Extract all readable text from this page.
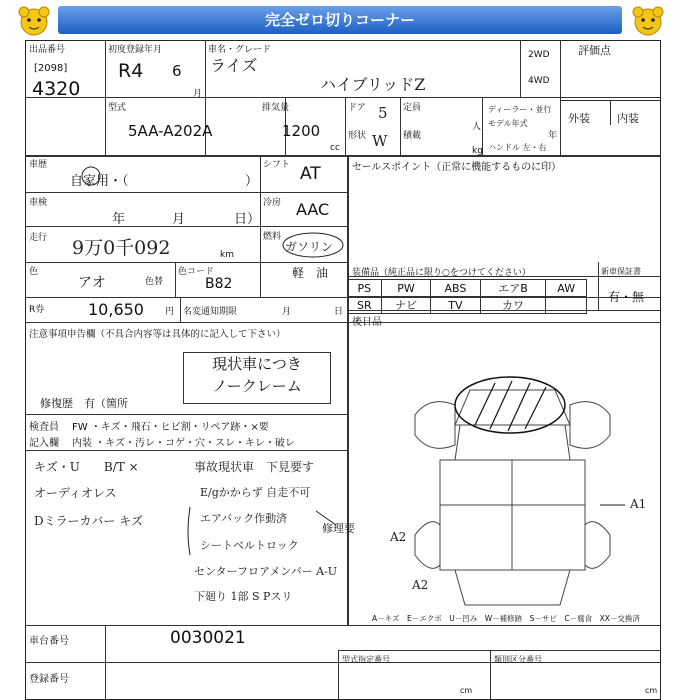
完全ゼロ切りコーナー
出品番号
[2098]
4320
初度登録年月
R4 6
月
車名・グレード
ライズ
ハイブリッドZ
2WD
4WD
評価点
外装 内装
型式
5AA-A202A
排気量
1200
cc
ドア 5
形状 W
定員
人
積載
kg
ディーラー・並行
モデル年式
年
ハンドル 左・右
車歴
自家用・（	）
車検
年	月	日）
走行 9万0千092	km
色
アオ	色替
色コード
B82
シフト AT
冷房 AAC
燃料
ガソリン
軽　油
R券	10,650 円 名変通知期限	月	日
セールスポイント（正常に機能するものに印）
装備品（純正品に限り○をつけてください）
PS	PW	ABS	エアB	AW
SR	ナビ	TV	カワ	
新車保証書
有・無
後日品
注意事項申告欄（不具合内容等は具体的に記入して下さい）
現状車につき
ノークレーム
修復歴　有（箇所
検査員
記入欄
FW ・キズ・飛石・ヒビ割・リペア跡・×要
内装 ・キズ・汚レ・コゲ・穴・スレ・キレ・破レ
キズ・U　　B/T ×
オーディオレス
Dミラーカバー キズ
事故現状車　下見要す
E/gかからず 自走不可
エアバック作動済
シートベルトロック
センターフロアメンバー A-U
下廻り 1部 S Pスリ
修理要
A1
A2
A2
A－キズ　E－エクボ　U－凹み　W－補修跡　S－サビ　C－腐食　XX－交換済
車台番号	0030021
登録番号
型式指定番号	類別区分番号
cm	cm
